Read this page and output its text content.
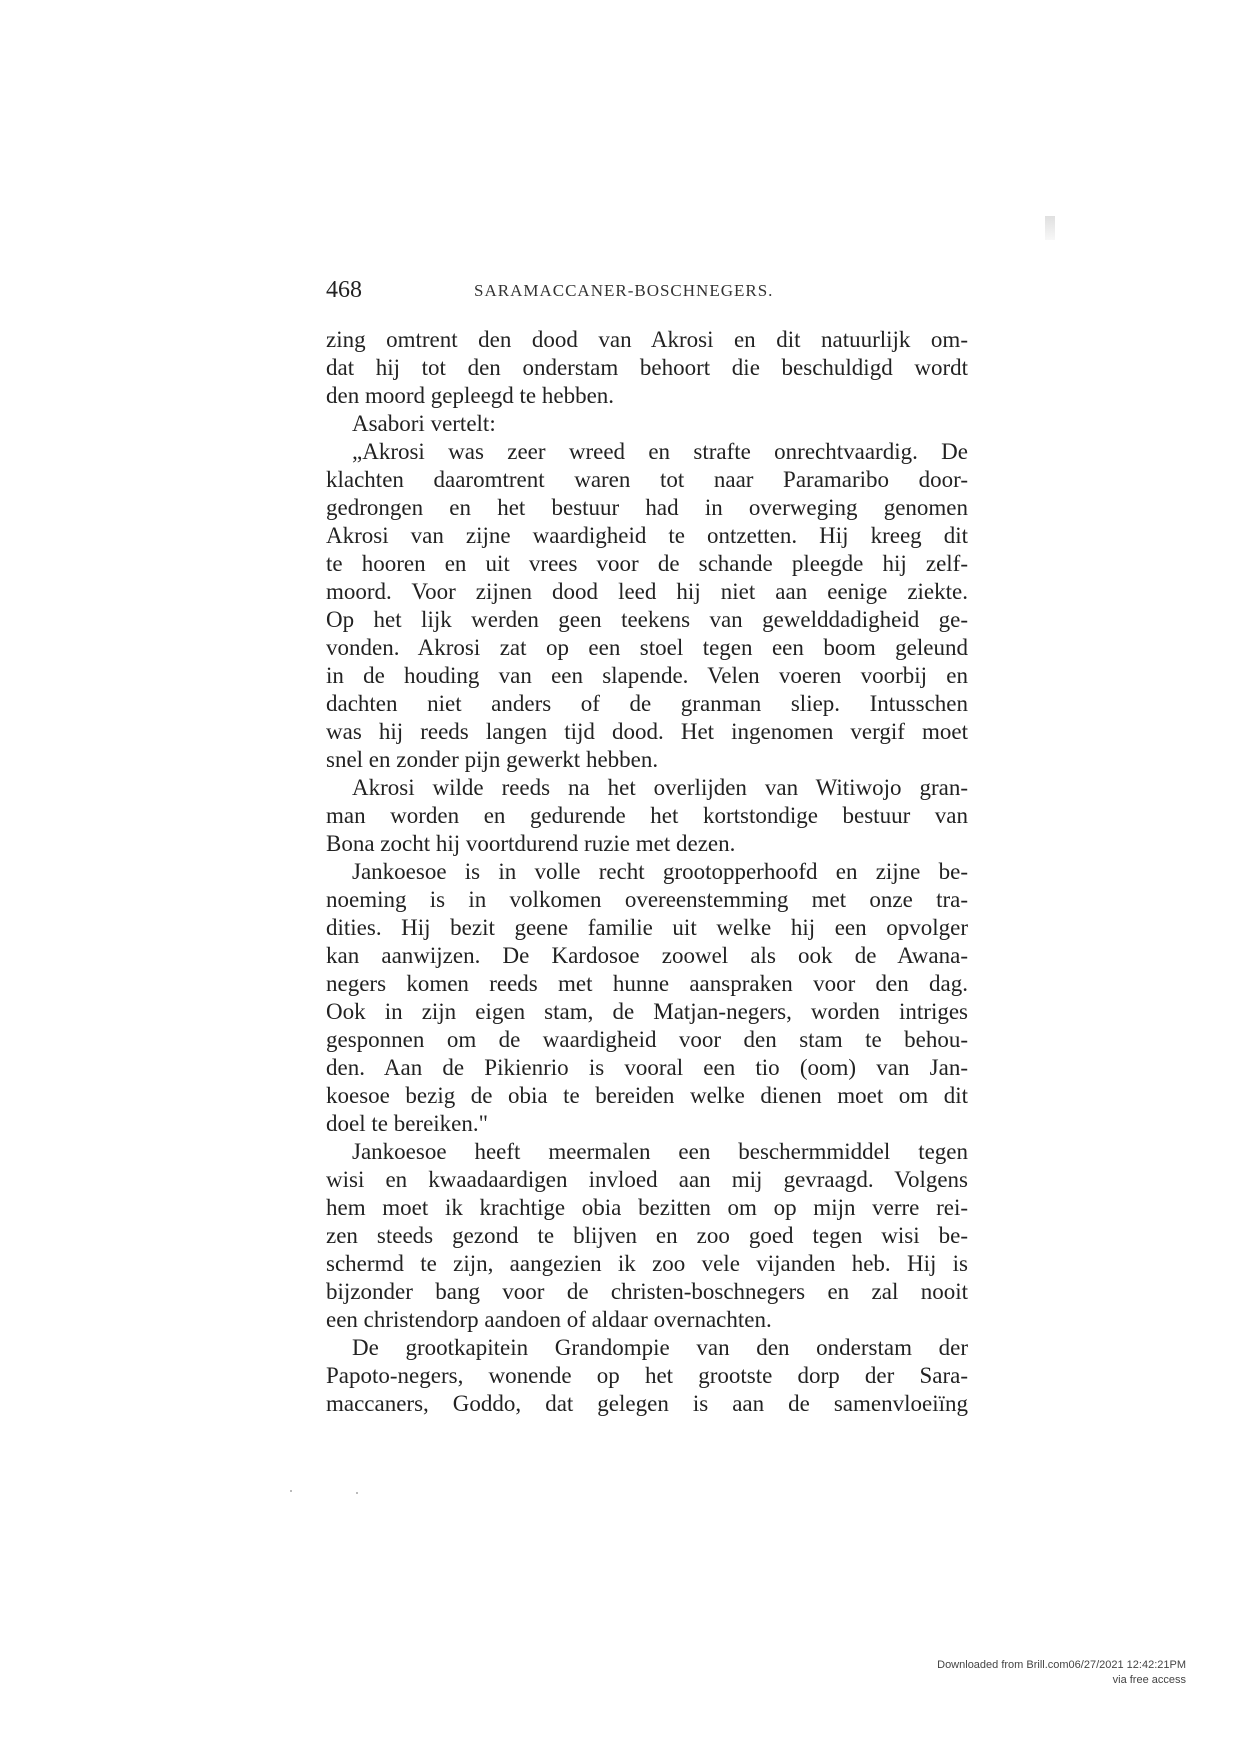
468	SARAMACCANER-BOSCHNEGERS.
zing omtrent den dood van Akrosi en dit natuurlijk om-
dat hij tot den onderstam behoort die beschuldigd wordt
den moord gepleegd te hebben.
Asabori vertelt:
„Akrosi was zeer wreed en strafte onrechtvaardig. De
klachten daaromtrent waren tot naar Paramaribo door-
gedrongen en het bestuur had in overweging genomen
Akrosi van zijne waardigheid te ontzetten. Hij kreeg dit
te hooren en uit vrees voor de schande pleegde hij zelf-
moord. Voor zijnen dood leed hij niet aan eenige ziekte.
Op het lijk werden geen teekens van gewelddadigheid ge-
vonden. Akrosi zat op een stoel tegen een boom geleund
in de houding van een slapende. Velen voeren voorbij en
dachten niet anders of de granman sliep. Intusschen
was hij reeds langen tijd dood. Het ingenomen vergif moet
snel en zonder pijn gewerkt hebben.
Akrosi wilde reeds na het overlijden van Witiwojo gran-
man worden en gedurende het kortstondige bestuur van
Bona zocht hij voortdurend ruzie met dezen.
Jankoesoe is in volle recht grootopperhoofd en zijne be-
noeming is in volkomen overeenstemming met onze tra-
dities. Hij bezit geene familie uit welke hij een opvolger
kan aanwijzen. De Kardosoe zoowel als ook de Awana-
negers komen reeds met hunne aanspraken voor den dag.
Ook in zijn eigen stam, de Matjan-negers, worden intriges
gesponnen om de waardigheid voor den stam te behou-
den. Aan de Pikienrio is vooral een tio (oom) van Jan-
koesoe bezig de obia te bereiden welke dienen moet om dit
doel te bereiken."
Jankoesoe heeft meermalen een beschermmiddel tegen
wisi en kwaadaardigen invloed aan mij gevraagd. Volgens
hem moet ik krachtige obia bezitten om op mijn verre rei-
zen steeds gezond te blijven en zoo goed tegen wisi be-
schermd te zijn, aangezien ik zoo vele vijanden heb. Hij is
bijzonder bang voor de christen-boschnegers en zal nooit
een christendorp aandoen of aldaar overnachten.
De grootkapitein Grandompie van den onderstam der
Papoto-negers, wonende op het grootste dorp der Sara-
maccaners, Goddo, dat gelegen is aan de samenvloeiïng
Downloaded from Brill.com06/27/2021 12:42:21PM
via free access
